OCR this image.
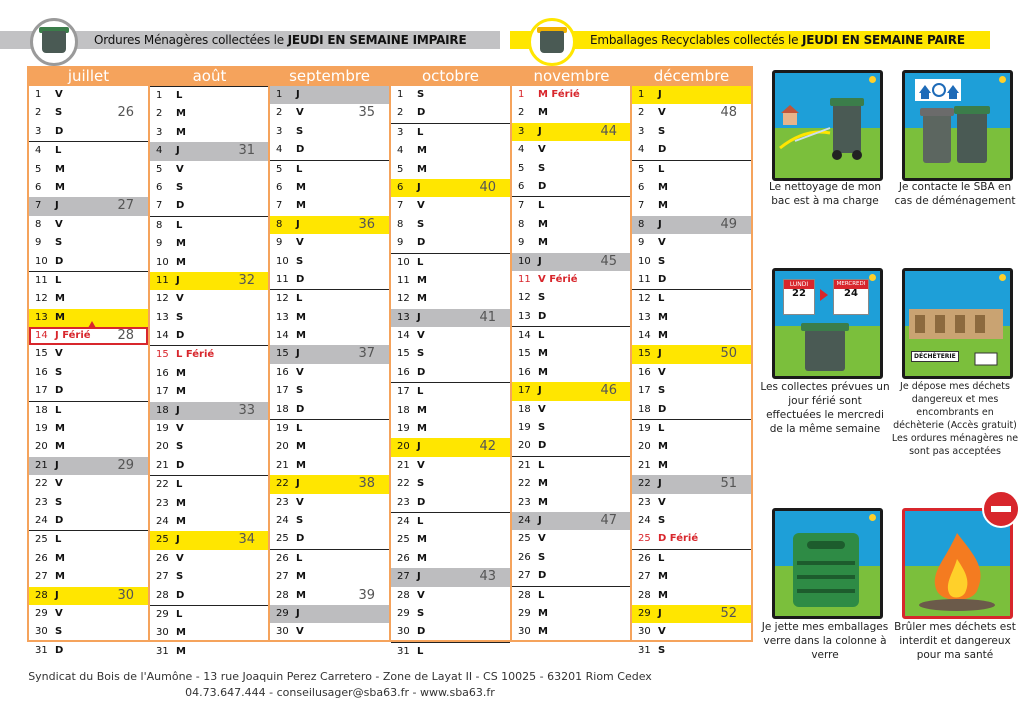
Ordures Ménagères collectées le JEUDI EN SEMAINE IMPAIRE	Emballages Recyclables collectés le JEUDI EN SEMAINE PAIRE
juillet
1 V
2 S	26
3 D
4 L
5 M
6 M
7 J	27
8 V
9 S
10 D
11 L
12 M
13 M
14 J Férié 28
15 V
16 S
17 D
18 L
19 M
20 M
21 J	29
22 V
23 S
24 D
25 L
26 M
27 M
28 J	30
29 V
30 S
31 D
août
1 L
2 M
3 M
4 J	31
5 V
6 S
7 D
8 L
9 M
10 M
11 J	32
12 V
13 S
14 D
15 L Férié
16 M
17 M
18 J	33
19 V
20 S
21 D
22 L
23 M
24 M
25 J	34
26 V
27 S
28 D
29 L
30 M
31 M
septembre
1 J
2 V	35
3 S
4 D
5 L
6 M
7 M
8 J	36
9 V
10 S
11 D
12 L
13 M
14 M
15 J	37
16 V
17 S
18 D
19 L
20 M
21 M
22 J	38
23 V
24 S
25 D
26 L
27 M
28 M	39
29 J
30 V
octobre
1 S
2 D
3 L
4 M
5 M
6 J	40
7 V
8 S
9 D
10 L
11 M
12 M
13 J	41
14 V
15 S
16 D
17 L
18 M
19 M
20 J	42
21 V
22 S
23 D
24 L
25 M
26 M
27 J	43
28 V
29 S
30 D
31 L
novembre
1 M Férié
2 M
3 J	44
4 V
5 S
6 D
7 L
8 M
9 M
10 J	45
11 V Férié
12 S
13 D
14 L
15 M
16 M
17 J	46
18 V
19 S
20 D
21 L
22 M
23 M
24 J	47
25 V
26 S
27 D
28 L
29 M
30 M
décembre
1 J
2 V	48
3 S
4 D
5 L
6 M
7 M
8 J	49
9 V
10 S
11 D
12 L
13 M
14 M
15 J	50
16 V
17 S
18 D
19 L
20 M
21 M
22 J	51
23 V
24 S
25 D Férié
26 L
27 M
28 M
29 J	52
30 V
31 S
Le nettoyage de mon bac est à ma charge
Je contacte le SBA en cas de déménagement
LUNDI
22
MERCREDI
24
Les collectes prévues un jour férié sont effectuées le mercredi de la même semaine
DÉCHÈTERIE
Je dépose mes déchets dangereux et mes encombrants en déchèterie (Accès gratuit) Les ordures ménagères ne sont pas acceptées
Je jette mes emballages verre dans la colonne à verre
Brûler mes déchets est interdit et dangereux pour ma santé
Syndicat du Bois de l'Aumône - 13 rue Joaquin Perez Carretero - Zone de Layat II - CS 10025 - 63201 Riom Cedex
04.73.647.444 - conseilusager@sba63.fr - www.sba63.fr
